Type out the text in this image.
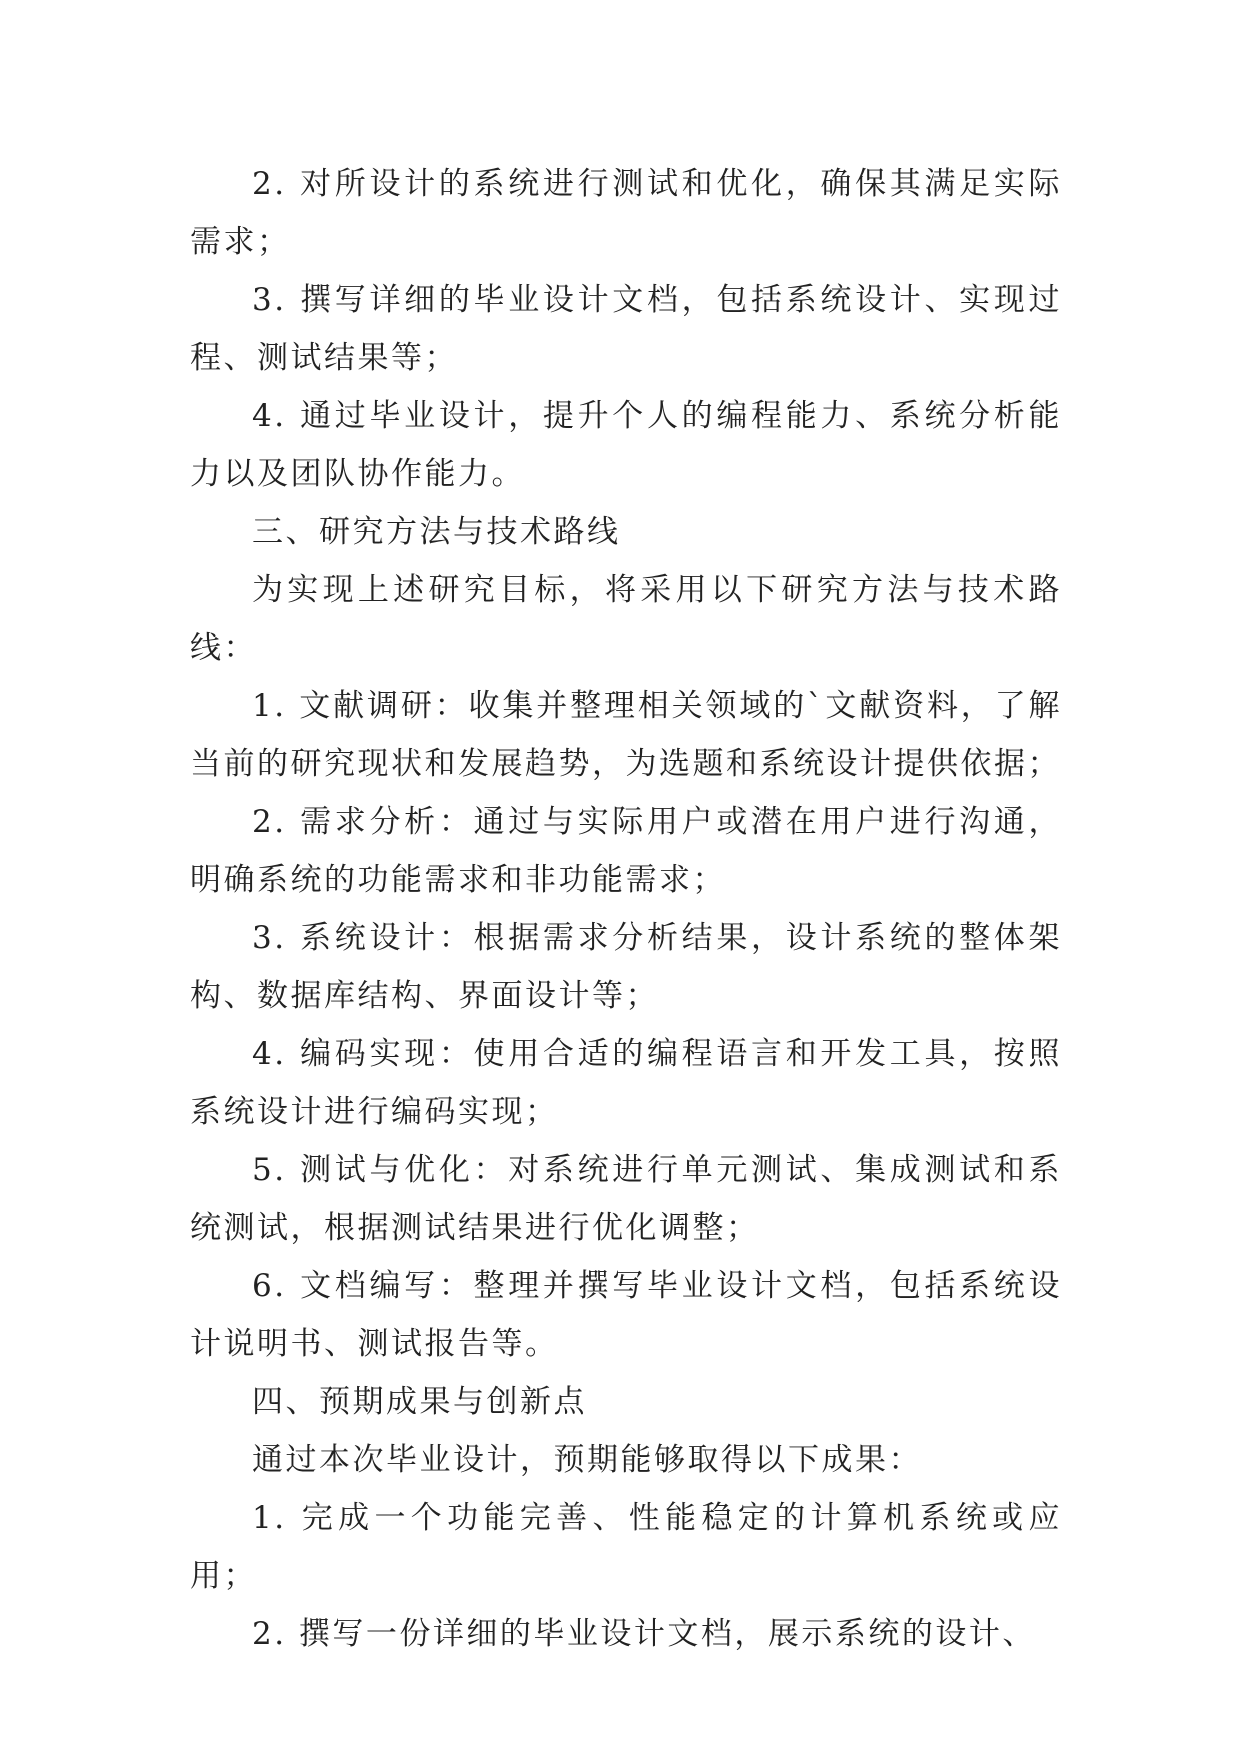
2. 对所设计的系统进行测试和优化，确保其满足实际需求；

3. 撰写详细的毕业设计文档，包括系统设计、实现过程、测试结果等；

4. 通过毕业设计，提升个人的编程能力、系统分析能力以及团队协作能力。

三、研究方法与技术路线

为实现上述研究目标，将采用以下研究方法与技术路线：

1. 文献调研：收集并整理相关领域的`文献资料，了解当前的研究现状和发展趋势，为选题和系统设计提供依据；

2. 需求分析：通过与实际用户或潜在用户进行沟通，明确系统的功能需求和非功能需求；

3. 系统设计：根据需求分析结果，设计系统的整体架构、数据库结构、界面设计等；

4. 编码实现：使用合适的编程语言和开发工具，按照系统设计进行编码实现；

5. 测试与优化：对系统进行单元测试、集成测试和系统测试，根据测试结果进行优化调整；

6. 文档编写：整理并撰写毕业设计文档，包括系统设计说明书、测试报告等。

四、预期成果与创新点

通过本次毕业设计，预期能够取得以下成果：

1. 完成一个功能完善、性能稳定的计算机系统或应用；

2. 撰写一份详细的毕业设计文档，展示系统的设计、
